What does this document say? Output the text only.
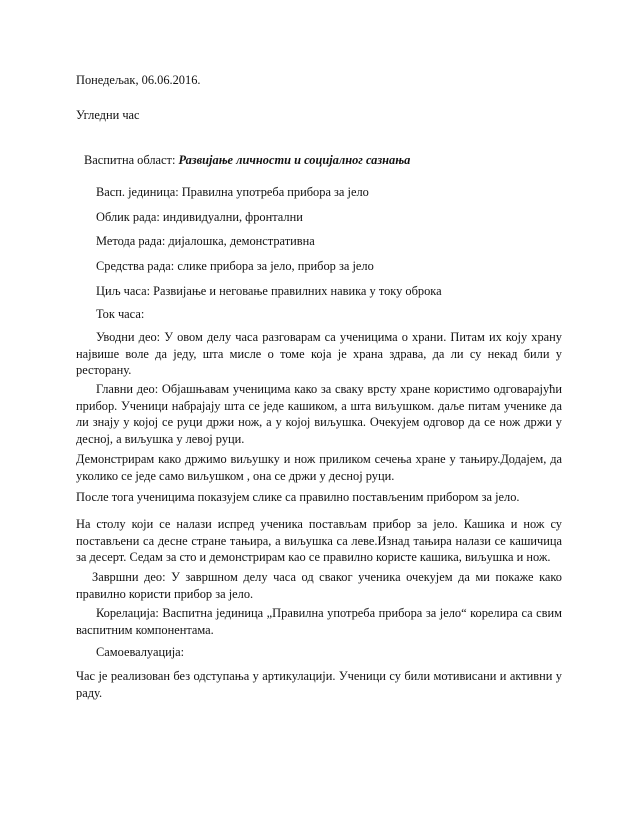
Понедељак, 06.06.2016.
Угледни час
Васпитна област: Развијање личности и социјалног сазнања
Васп. јединица: Правилна употреба прибора за јело
Облик рада: индивидуални, фронтални
Метода рада: дијалошка, демонстративна
Средства рада: слике прибора за јело, прибор за јело
Циљ часа: Развијање и неговање правилних навика у току оброка
Ток часа:
Уводни део: У овом делу часа разговарам са ученицима о храни. Питам их коју храну највише воле да једу, шта мисле о томе која је храна здрава, да ли су некад били у ресторану.
Главни део: Објашњавам ученицима како за сваку врсту хране користимо одговарајући прибор. Ученици набрајају шта се једе кашиком, а шта виљушком. даље питам ученике да ли знају у којој се руци држи нож, а у којој виљушка. Очекујем одговор да се нож држи у десној, а виљушка у левој руци.
Демонстрирам како држимо виљушку и нож приликом сечења хране у тањиру.Додајем, да уколико се једе само виљушком , она се држи у десној руци.
После тога ученицима показујем слике са правилно постављеним прибором за јело.
На столу који се налази испред ученика постављам прибор за јело. Кашика и нож су постављени са десне стране тањира, а виљушка са леве.Изнад тањира налази се кашичица за десерт. Седам за сто и демонстрирам као се правилно користе кашика, виљушка и нож.
Завршни део: У завршном делу часа од сваког ученика очекујем да ми покаже како правилно користи прибор за јело.
Корелација: Васпитна јединица „Правилна употреба прибора за јело“ корелира са свим васпитним компонентама.
Самоевалуација:
Час је реализован без одступања у артикулацији. Ученици су били мотивисани и активни у раду.
